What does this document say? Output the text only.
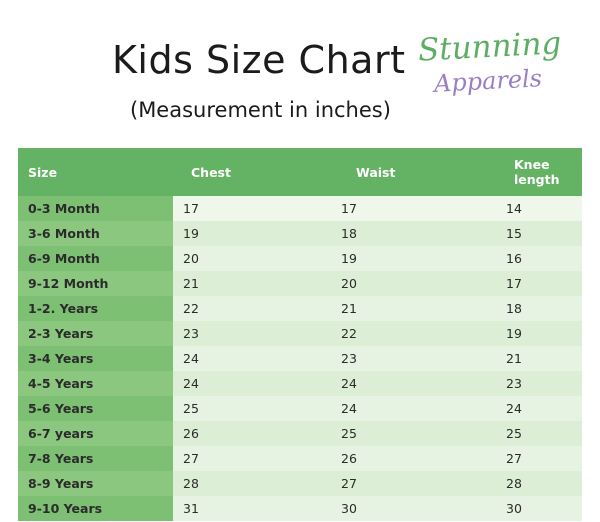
Kids Size Chart
(Measurement in inches)
Stunning
Apparels
Size	Chest	Waist	Knee length
0-3 Month	17	17	14
3-6 Month	19	18	15
6-9 Month	20	19	16
9-12 Month	21	20	17
1-2. Years	22	21	18
2-3 Years	23	22	19
3-4 Years	24	23	21
4-5 Years	24	24	23
5-6 Years	25	24	24
6-7 years	26	25	25
7-8 Years	27	26	27
8-9 Years	28	27	28
9-10 Years	31	30	30
